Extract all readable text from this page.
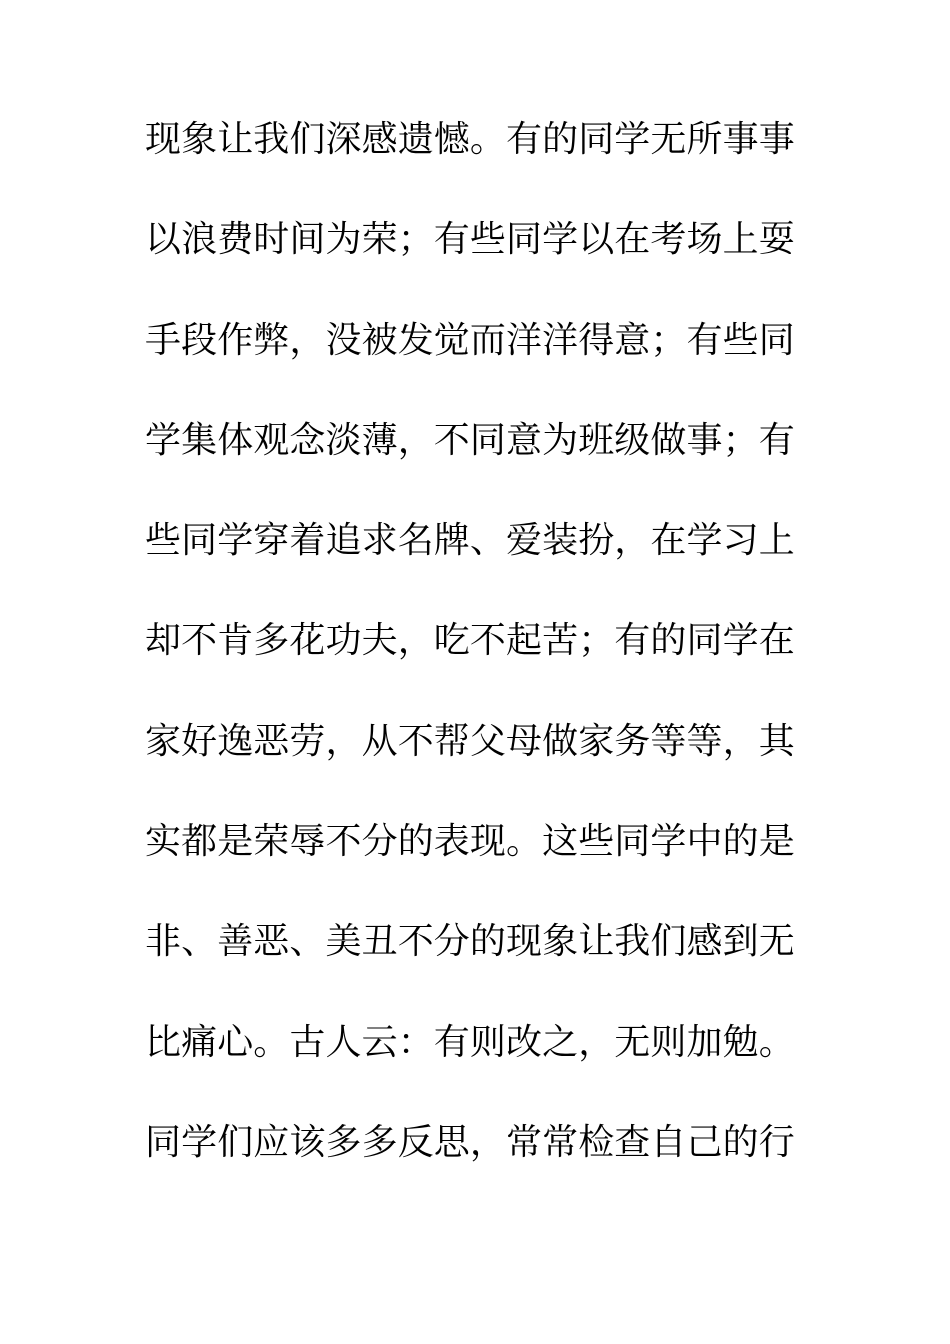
现象让我们深感遗憾。有的同学无所事事
以浪费时间为荣；有些同学以在考场上耍
手段作弊，没被发觉而洋洋得意；有些同
学集体观念淡薄，不同意为班级做事；有
些同学穿着追求名牌、爱装扮，在学习上
却不肯多花功夫，吃不起苦；有的同学在
家好逸恶劳，从不帮父母做家务等等，其
实都是荣辱不分的表现。这些同学中的是
非、善恶、美丑不分的现象让我们感到无
比痛心。古人云：有则改之，无则加勉。
同学们应该多多反思，常常检查自己的行
